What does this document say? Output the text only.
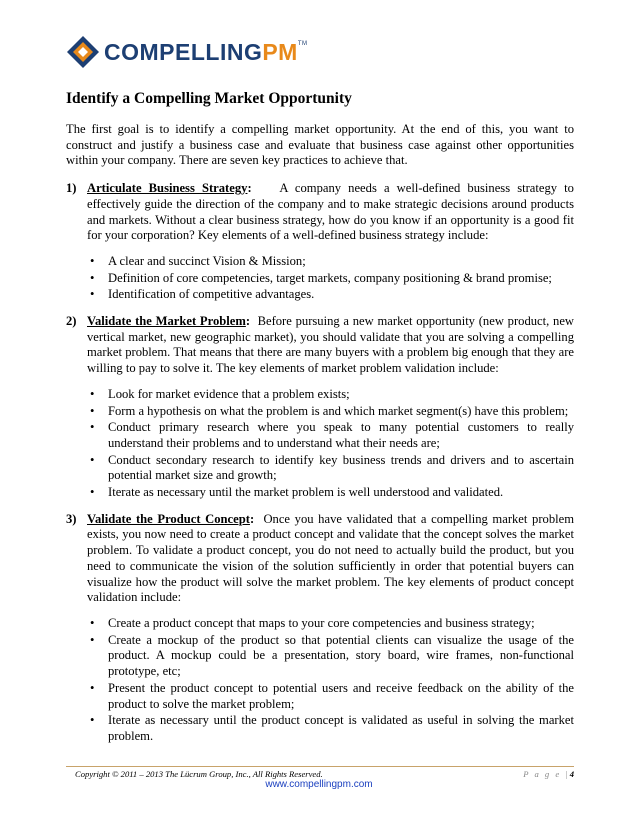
COMPELLINGPM™
Identify a Compelling Market Opportunity

The first goal is to identify a compelling market opportunity. At the end of this, you want to construct and justify a business case and evaluate that business case against other opportunities within your company. There are seven key practices to achieve that.

1) Articulate Business Strategy: A company needs a well-defined business strategy to effectively guide the direction of the company and to make strategic decisions around products and markets. Without a clear business strategy, how do you know if an opportunity is a good fit for your corporation? Key elements of a well-defined business strategy include:

• A clear and succinct Vision & Mission;
• Definition of core competencies, target markets, company positioning & brand promise;
• Identification of competitive advantages.
2) Validate the Market Problem: Before pursuing a new market opportunity (new product, new vertical market, new geographic market), you should validate that you are solving a compelling market problem. That means that there are many buyers with a problem big enough that they are willing to pay to solve it. The key elements of market problem validation include:

• Look for market evidence that a problem exists;
• Form a hypothesis on what the problem is and which market segment(s) have this problem;
• Conduct primary research where you speak to many potential customers to really understand their problems and to understand what their needs are;
• Conduct secondary research to identify key business trends and drivers and to ascertain potential market size and growth;
• Iterate as necessary until the market problem is well understood and validated.
3) Validate the Product Concept: Once you have validated that a compelling market problem exists, you now need to create a product concept and validate that the concept solves the market problem. To validate a product concept, you do not need to actually build the product, but you need to communicate the vision of the solution sufficiently in order that potential buyers can visualize how the product will solve the market problem. The key elements of product concept validation include:

• Create a product concept that maps to your core competencies and business strategy;
• Create a mockup of the product so that potential clients can visualize the usage of the product. A mockup could be a presentation, story board, wire frames, non-functional prototype, etc;
• Present the product concept to potential users and receive feedback on the ability of the product to solve the market problem;
• Iterate as necessary until the product concept is validated as useful in solving the market problem.
Copyright © 2011 – 2013 The Lücrum Group, Inc., All Rights Reserved.	P a g e |4
www.compellingpm.com
